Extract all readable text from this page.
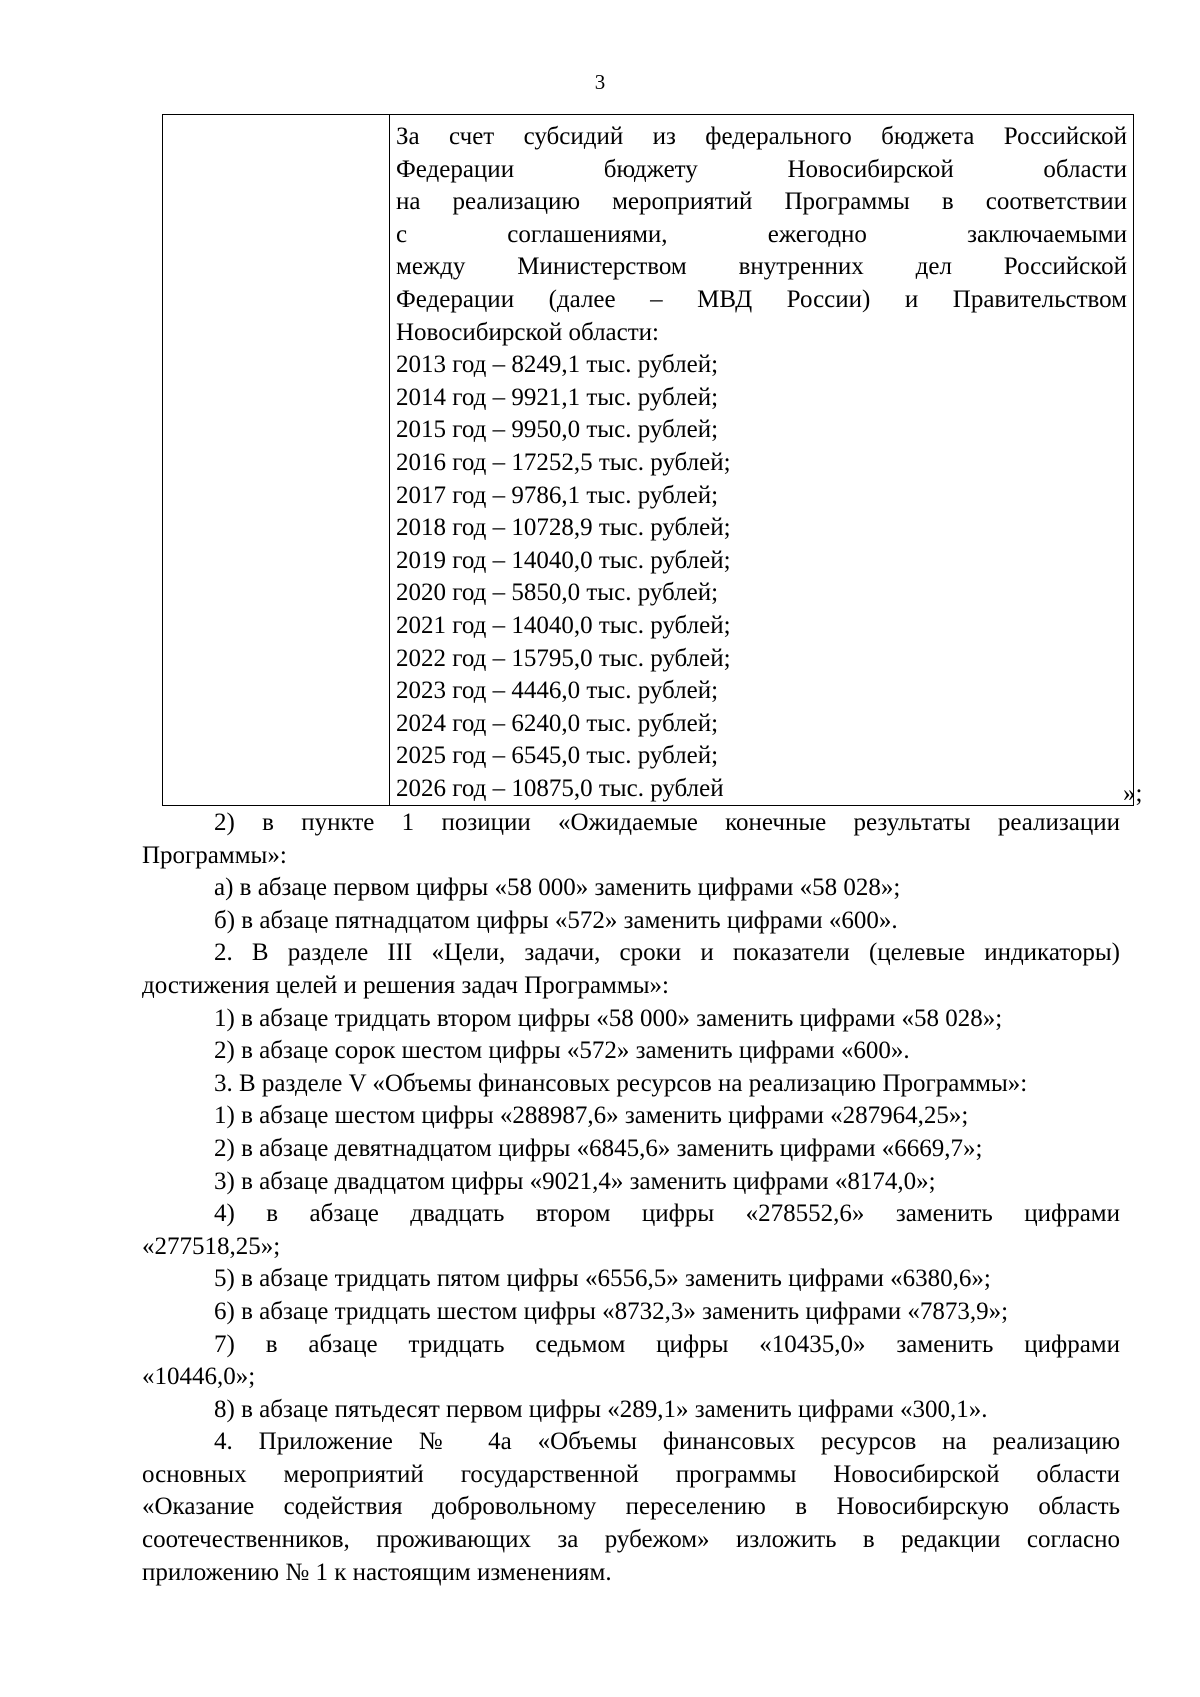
3

За счет субсидий из федерального бюджета Российской
Федерации бюджету Новосибирской области
на реализацию мероприятий Программы в соответствии
с соглашениями, ежегодно заключаемыми
между Министерством внутренних дел Российской
Федерации (далее – МВД России) и Правительством
Новосибирской области:
2013 год – 8249,1 тыс. рублей;
2014 год – 9921,1 тыс. рублей;
2015 год – 9950,0 тыс. рублей;
2016 год – 17252,5 тыс. рублей;
2017 год – 9786,1 тыс. рублей;
2018 год – 10728,9 тыс. рублей;
2019 год – 14040,0 тыс. рублей;
2020 год – 5850,0 тыс. рублей;
2021 год – 14040,0 тыс. рублей;
2022 год – 15795,0 тыс. рублей;
2023 год – 4446,0 тыс. рублей;
2024 год – 6240,0 тыс. рублей;
2025 год – 6545,0 тыс. рублей;
2026 год – 10875,0 тыс. рублей	»;
2) в пункте 1 позиции «Ожидаемые конечные результаты реализации
Программы»:
а) в абзаце первом цифры «58 000» заменить цифрами «58 028»;
б) в абзаце пятнадцатом цифры «572» заменить цифрами «600».
2. В разделе III «Цели, задачи, сроки и показатели (целевые индикаторы)
достижения целей и решения задач Программы»:
1) в абзаце тридцать втором цифры «58 000» заменить цифрами «58 028»;
2) в абзаце сорок шестом цифры «572» заменить цифрами «600».
3. В разделе V «Объемы финансовых ресурсов на реализацию Программы»:
1) в абзаце шестом цифры «288987,6» заменить цифрами «287964,25»;
2) в абзаце девятнадцатом цифры «6845,6» заменить цифрами «6669,7»;
3) в абзаце двадцатом цифры «9021,4» заменить цифрами «8174,0»;
4) в абзаце двадцать втором цифры «278552,6» заменить цифрами
«277518,25»;
5) в абзаце тридцать пятом цифры «6556,5» заменить цифрами «6380,6»;
6) в абзаце тридцать шестом цифры «8732,3» заменить цифрами «7873,9»;
7) в абзаце тридцать седьмом цифры «10435,0» заменить цифрами
«10446,0»;
8) в абзаце пятьдесят первом цифры «289,1» заменить цифрами «300,1».
4. Приложение № 4а «Объемы финансовых ресурсов на реализацию
основных мероприятий государственной программы Новосибирской области
«Оказание содействия добровольному переселению в Новосибирскую область
соотечественников, проживающих за рубежом» изложить в редакции согласно
приложению № 1 к настоящим изменениям.
